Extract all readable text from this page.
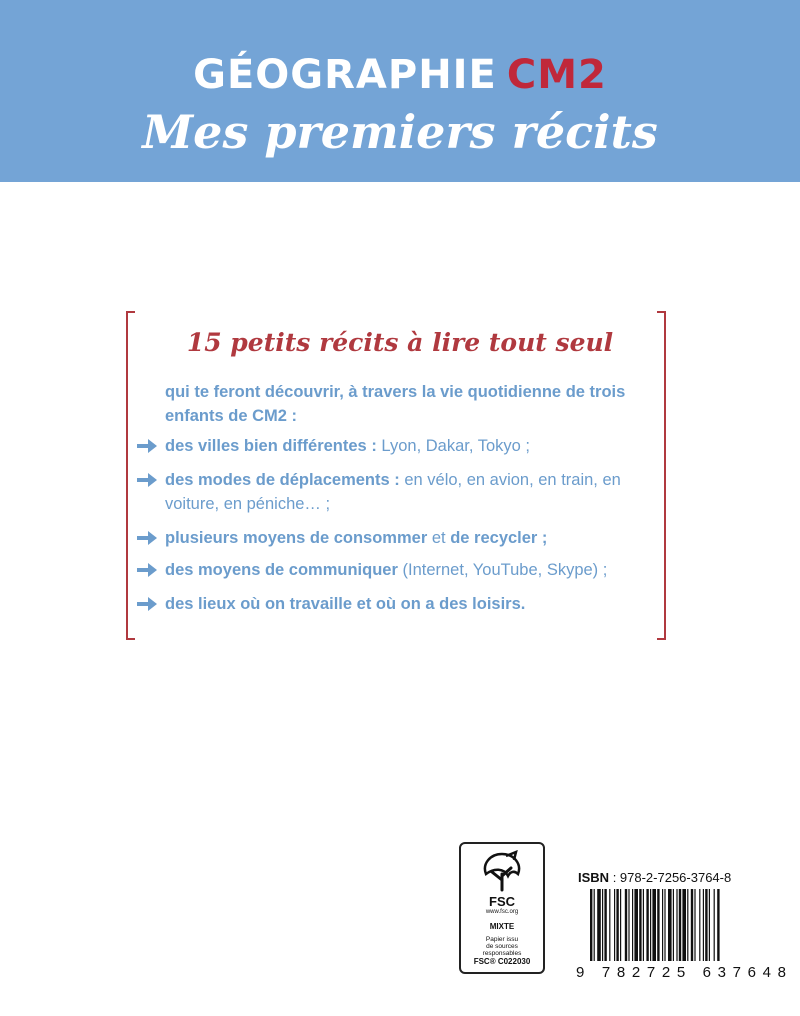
GÉOGRAPHIE CM2
Mes premiers récits
15 petits récits à lire tout seul
qui te feront découvrir, à travers la vie quotidienne de trois enfants de CM2 :
des villes bien différentes : Lyon, Dakar, Tokyo ;
des modes de déplacements : en vélo, en avion, en train, en voiture, en péniche… ;
plusieurs moyens de consommer et de recycler ;
des moyens de communiquer (Internet, YouTube, Skype) ;
des lieux où on travaille et où on a des loisirs.
FSC
www.fsc.org
MIXTE
Papier issu
de sources
responsables
FSC® C022030
ISBN : 978-2-7256-3764-8
9 782725 637648
